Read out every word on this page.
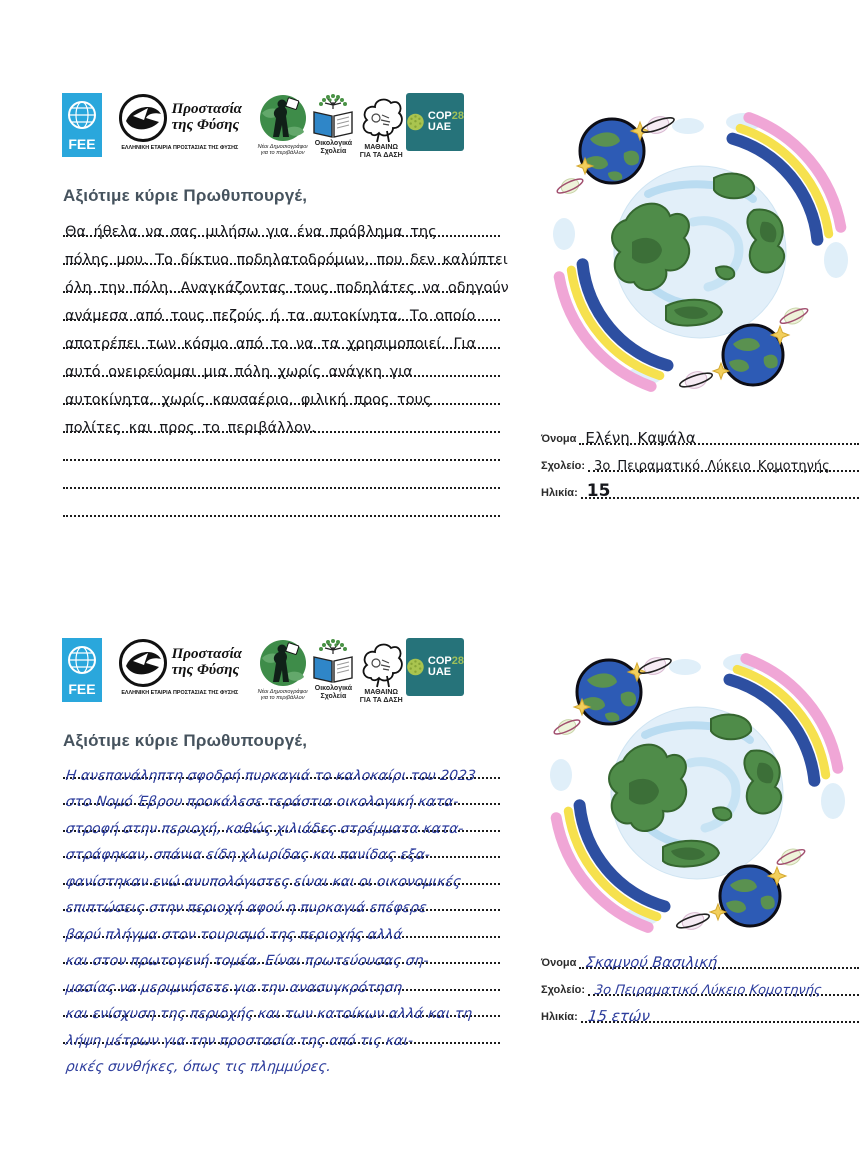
FEE
Προστασία
της Φύσης
ΕΛΛΗΝΙΚΗ ΕΤΑΙΡΙΑ ΠΡΟΣΤΑΣΙΑΣ ΤΗΣ ΦΥΣΗΣ	Νέοι Δημοσιογράφοι
για το περιβάλλον
Οικολογικά
Σχολεία
ΜΑΘΑΙΝΩ
ΓΙΑ ΤΑ ΔΑΣΗ
COP28
UAE
Αξιότιμε κύριε Πρωθυπουργέ,
Θα ήθελα να σας μιλήσω για ένα πρόβλημα της
πόλης μου. Το δίκτυο ποδηλατοδρόμων, που δεν καλύπτει
όλη την πόλη. Αναγκάζοντας τους ποδηλάτες να οδηγούν
ανάμεσα από τους πεζούς ή τα αυτοκίνητα. Το οποίο
αποτρέπει των κόσμο από το να τα χρησιμοποιεί. Για
αυτό ονειρεύομαι μια πόλη χωρίς ανάγκη για
αυτοκίνητα, χωρίς καυσαέριο, φιλική προς τους
πολίτες και προς το περιβάλλον.
Όνομα Ελένη Καψάλα
Σχολείο: 3ο Πειραματικό Λύκειο Κομοτηνής
Ηλικία: 15
FEE
Προστασία
της Φύσης
ΕΛΛΗΝΙΚΗ ΕΤΑΙΡΙΑ ΠΡΟΣΤΑΣΙΑΣ ΤΗΣ ΦΥΣΗΣ	Νέοι Δημοσιογράφοι
για το περιβάλλον
Οικολογικά
Σχολεία
ΜΑΘΑΙΝΩ
ΓΙΑ ΤΑ ΔΑΣΗ
COP28
UAE
Αξιότιμε κύριε Πρωθυπουργέ,
Η ανεπανάληπτη σφοδρή πυρκαγιά το καλοκαίρι του 2023
στο Νομό Έβρου προκάλεσε τεράστια οικολογική κατα-
στροφή στην περιοχή, καθώς χιλιάδες στρέμματα κατα-
στράφηκαν, σπάνια είδη χλωρίδας και πανίδας εξα-
φανίστηκαν ενώ ανυπολόγιστες είναι και οι οικονομικές
επιπτώσεις στην περιοχή αφού η πυρκαγιά επέφερε
βαρύ πλήγμα στον τουρισμό της περιοχής αλλά
και στον πρωτογενή τομέα. Είναι πρωτεύουσας ση-
μασίας να μεριμνήσετε για την ανασυγκρότηση
και ενίσχυση της περιοχής και των κατοίκων αλλά και τη
λήψη μέτρων για την προστασία της από τις και-
ρικές συνθήκες, όπως τις πλημμύρες.
Όνομα Σκαμνού Βασιλική
Σχολείο: 3ο Πειραματικό Λύκειο Κομοτηνής
Ηλικία: 15 ετών
